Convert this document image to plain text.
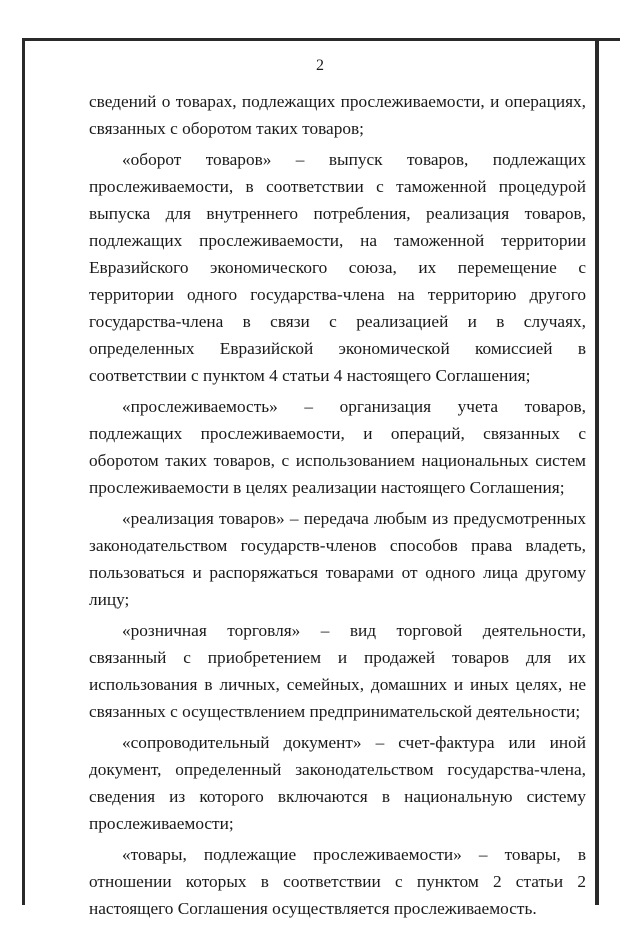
2

сведений о товарах, подлежащих прослеживаемости, и операциях, связанных с оборотом таких товаров;

«оборот товаров» – выпуск товаров, подлежащих прослеживаемости, в соответствии с таможенной процедурой выпуска для внутреннего потребления, реализация товаров, подлежащих прослеживаемости, на таможенной территории Евразийского экономического союза, их перемещение с территории одного государства-члена на территорию другого государства-члена в связи с реализацией и в случаях, определенных Евразийской экономической комиссией в соответствии с пунктом 4 статьи 4 настоящего Соглашения;

«прослеживаемость» – организация учета товаров, подлежащих прослеживаемости, и операций, связанных с оборотом таких товаров, с использованием национальных систем прослеживаемости в целях реализации настоящего Соглашения;

«реализация товаров» – передача любым из предусмотренных законодательством государств-членов способов права владеть, пользоваться и распоряжаться товарами от одного лица другому лицу;

«розничная торговля» – вид торговой деятельности, связанный с приобретением и продажей товаров для их использования в личных, семейных, домашних и иных целях, не связанных с осуществлением предпринимательской деятельности;

«сопроводительный документ» – счет-фактура или иной документ, определенный законодательством государства-члена, сведения из которого включаются в национальную систему прослеживаемости;

«товары, подлежащие прослеживаемости» – товары, в отношении которых в соответствии с пунктом 2 статьи 2 настоящего Соглашения осуществляется прослеживаемость.
